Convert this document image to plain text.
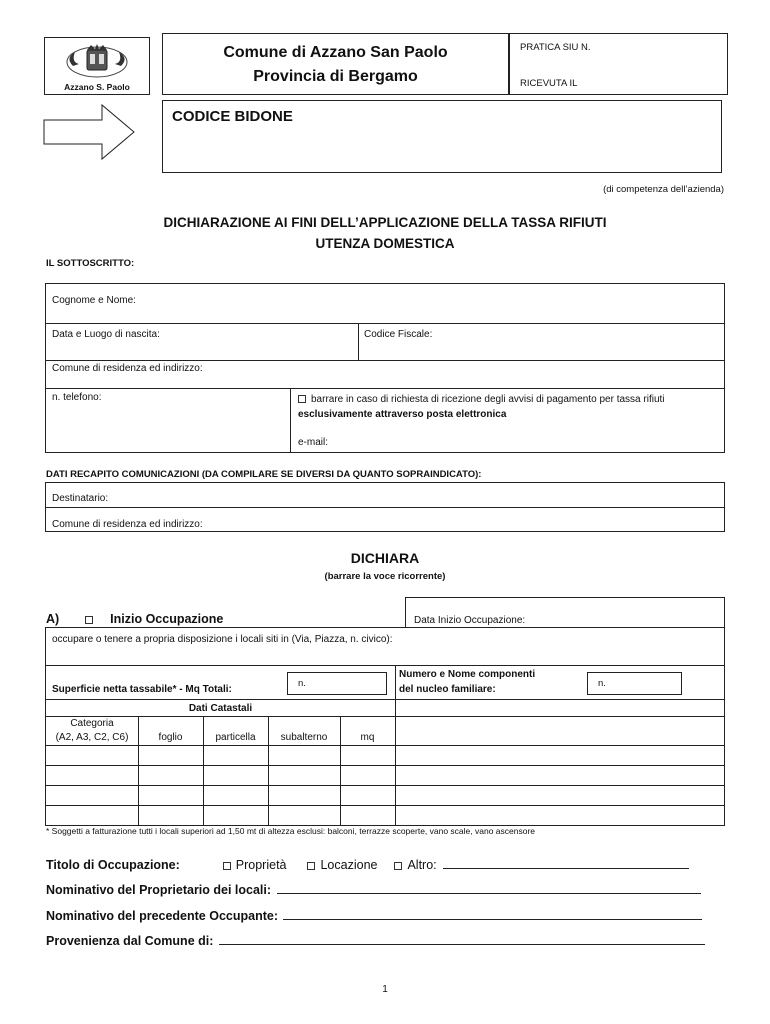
Azzano S. Paolo
Comune di Azzano San Paolo
Provincia di Bergamo
PRATICA SIU N.
RICEVUTA IL
CODICE BIDONE
(di competenza dell’azienda)
DICHIARAZIONE AI FINI DELL’APPLICAZIONE DELLA TASSA RIFIUTI
UTENZA DOMESTICA
IL SOTTOSCRITTO:
Cognome e Nome:
Data e Luogo di nascita:	Codice Fiscale:
Comune di residenza ed indirizzo:
n. telefono:	barrare in caso di richiesta di ricezione degli avvisi di pagamento per tassa rifiuti esclusivamente attraverso posta elettronica
e-mail:
DATI RECAPITO COMUNICAZIONI (DA COMPILARE SE DIVERSI DA QUANTO SOPRAINDICATO):
Destinatario:
Comune di residenza ed indirizzo:
DICHIARA
(barrare la voce ricorrente)
A)	Inizio Occupazione	Data Inizio Occupazione:
occupare o tenere a propria disposizione i locali siti in (Via, Piazza, n. civico):
Superficie netta tassabile* - Mq Totali:
n.
Numero e Nome componenti
del nucleo familiare:
n.
Dati Catastali
Categoria
(A2, A3, C2, C6)	foglio	particella	subalterno	mq
* Soggetti a fatturazione tutti i locali superiori ad 1,50 mt di altezza esclusi: balconi, terrazze scoperte, vano scale, vano ascensore
Titolo di Occupazione:	Proprietà	Locazione Altro:
Nominativo del Proprietario dei locali:
Nominativo del precedente Occupante:
Provenienza dal Comune di:
1
